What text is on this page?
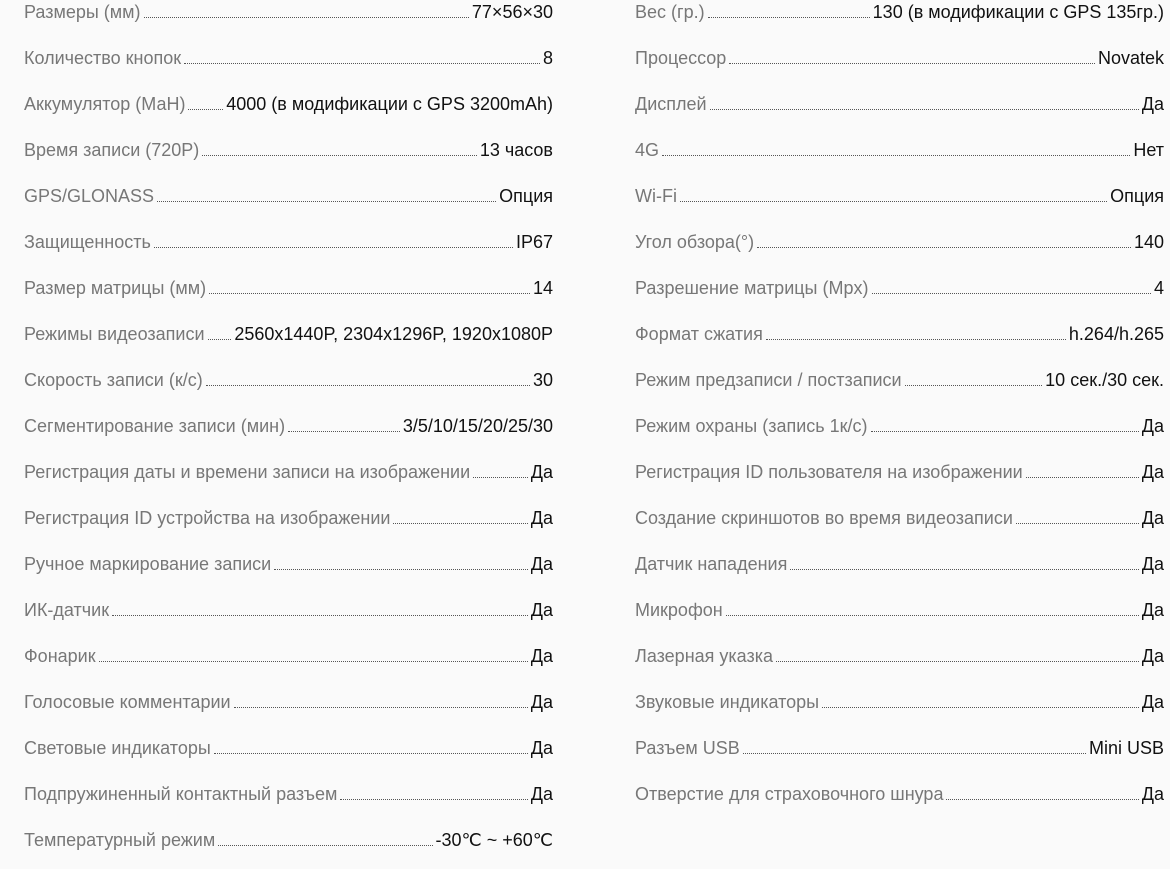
Размеры (мм)	77×56×30
Количество кнопок	8
Аккумулятор (МаН) 4000 (в модификации с GPS 3200mAh)
Время записи (720P)	13 часов
GPS/GLONASS	Опция
Защищенность	IP67
Размер матрицы (мм)	14
Режимы видеозаписи 2560x1440P, 2304x1296P, 1920x1080P
Скорость записи (к/с)	30
Сегментирование записи (мин)	3/5/10/15/20/25/30
Регистрация даты и времени записи на изображении	Да
Регистрация ID устройства на изображении	Да
Ручное маркирование записи	Да
ИК-датчик	Да
Фонарик	Да
Голосовые комментарии	Да
Световые индикаторы	Да
Подпружиненный контактный разъем	Да
Температурный режим	-30℃ ~ +60℃
Вес (гр.)	130 (в модификации с GPS 135гр.)
Процессор	Novatek
Дисплей	Да
4G	Нет
Wi-Fi	Опция
Угол обзора(°)	140
Разрешение матрицы (Mpx)	4
Формат сжатия	h.264/h.265
Режим предзаписи / постзаписи	10 сек./30 сек.
Режим охраны (запись 1к/с)	Да
Регистрация ID пользователя на изображении	Да
Создание скриншотов во время видеозаписи	Да
Датчик нападения	Да
Микрофон	Да
Лазерная указка	Да
Звуковые индикаторы	Да
Разъем USB	Mini USB
Отверстие для страховочного шнура	Да
